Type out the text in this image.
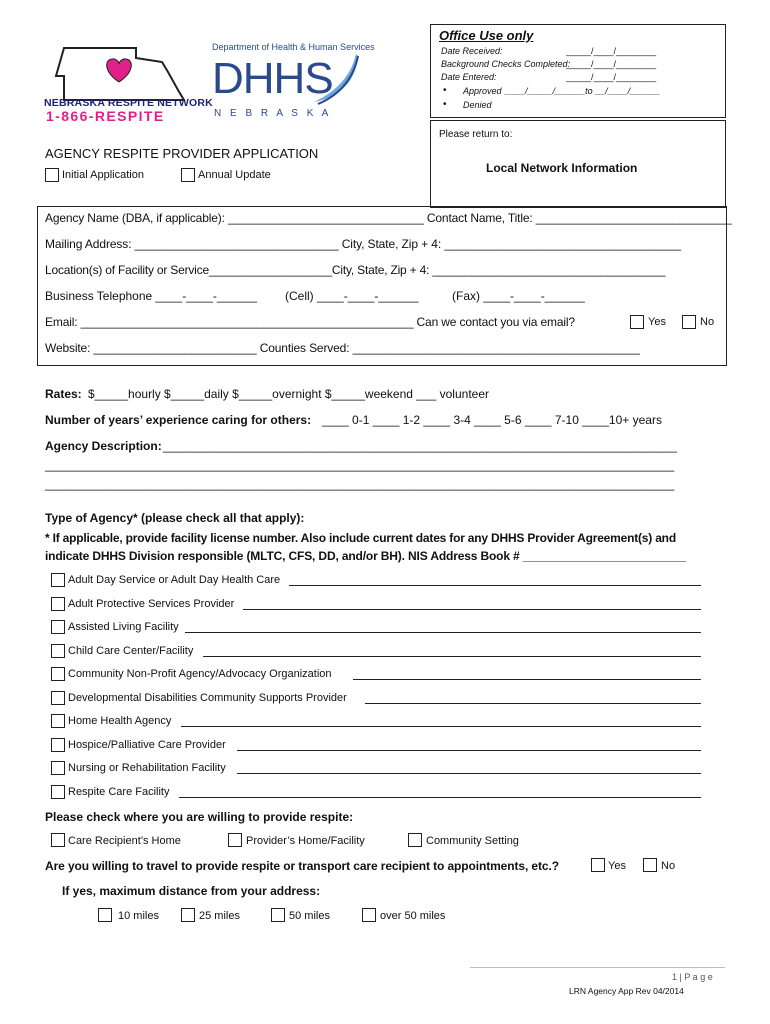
NEBRASKA RESPITE NETWORK
1-866-RESPITE
Department of Health & Human Services
DHHS
N E B R A S K A
Office Use only
Date Received:	_____/____/________
Background Checks Completed:
_____/____/________
Date Entered:	_____/____/________
• Approved ____/_____/______to __/____/______
• Denied
Please return to:
Local Network Information
AGENCY RESPITE PROVIDER APPLICATION
Initial Application	Annual Update
Agency Name (DBA, if applicable): ______________________________ Contact Name, Title: ______________________________
Mailing Address: _______________________________ City, State, Zip + 4: ____________________________________
Location(s) of Facility or Service___________________City, State, Zip + 4: ____________________________________
Business Telephone ____-____-______ (Cell) ____-____-______	(Fax) ____-____-______
Email: ___________________________________________________ Can we contact you via email?	Yes	No
Website: _________________________ Counties Served: ____________________________________________
Rates: $_____hourly $_____daily $_____overnight $_____weekend ___ volunteer
Number of years’ experience caring for others: ____ 0-1 ____ 1-2 ____ 3-4 ____ 5-6 ____ 7-10 ____10+ years
Agency Description: _____________________________________________________________________________
_______________________________________________________________________________________________
_______________________________________________________________________________________________
Type of Agency* (please check all that apply):
* If applicable, provide facility license number. Also include current dates for any DHHS Provider Agreement(s) and
indicate DHHS Division responsible (MLTC, CFS, DD, and/or BH). NIS Address Book # _________________________
Adult Day Service or Adult Day Health Care
Adult Protective Services Provider
Assisted Living Facility
Child Care Center/Facility
Community Non-Profit Agency/Advocacy Organization
Developmental Disabilities Community Supports Provider
Home Health Agency
Hospice/Palliative Care Provider
Nursing or Rehabilitation Facility
Respite Care Facility
Please check where you are willing to provide respite:
Care Recipient’s Home	Provider’s Home/Facility	Community Setting
Are you willing to travel to provide respite or transport care recipient to appointments, etc.?	Yes	No
If yes, maximum distance from your address:
10 miles	25 miles	50 miles	over 50 miles
1 | P a g e
LRN Agency App Rev 04/2014
